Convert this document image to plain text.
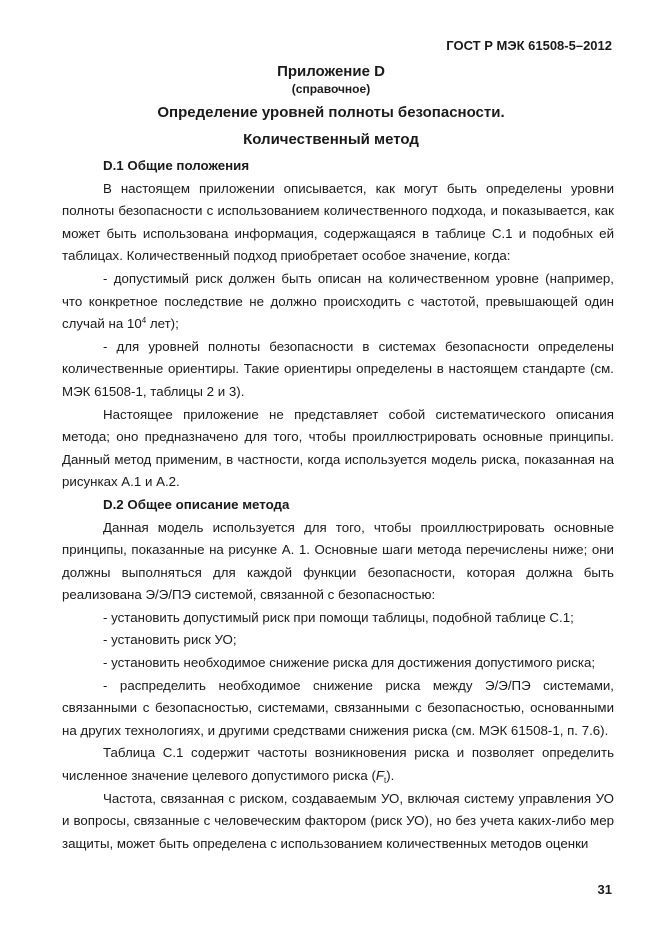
ГОСТ Р МЭК 61508-5–2012
Приложение D
(справочное)
Определение уровней полноты безопасности.
Количественный метод

D.1 Общие положения

В настоящем приложении описывается, как могут быть определены уровни полноты безопасности с использованием количественного подхода, и показывается, как может быть использована информация, содержащаяся в таблице С.1 и подобных ей таблицах. Количественный подход приобретает особое значение, когда:

- допустимый риск должен быть описан на количественном уровне (например, что конкретное последствие не должно происходить с частотой, превышающей один случай на $10^4$ лет);

- для уровней полноты безопасности в системах безопасности определены количественные ориентиры. Такие ориентиры определены в настоящем стандарте (см. МЭК 61508-1, таблицы 2 и 3).

Настоящее приложение не представляет собой систематического описания метода; оно предназначено для того, чтобы проиллюстрировать основные принципы. Данный метод применим, в частности, когда используется модель риска, показанная на рисунках А.1 и А.2.

D.2 Общее описание метода

Данная модель используется для того, чтобы проиллюстрировать основные принципы, показанные на рисунке А. 1. Основные шаги метода перечислены ниже; они должны выполняться для каждой функции безопасности, которая должна быть реализована Э/Э/ПЭ системой, связанной с безопасностью:

- установить допустимый риск при помощи таблицы, подобной таблице С.1;

- установить риск УО;

- установить необходимое снижение риска для достижения допустимого риска;

- распределить необходимое снижение риска между Э/Э/ПЭ системами, связанными с безопасностью, системами, связанными с безопасностью, основанными на других технологиях, и другими средствами снижения риска (см. МЭК 61508-1, п. 7.6).

Таблица С.1 содержит частоты возникновения риска и позволяет определить численное значение целевого допустимого риска $(F_t)$.

Частота, связанная с риском, создаваемым УО, включая систему управления УО и вопросы, связанные с человеческим фактором (риск УО), но без учета каких-либо мер защиты, может быть определена с использованием количественных методов оценки

31
